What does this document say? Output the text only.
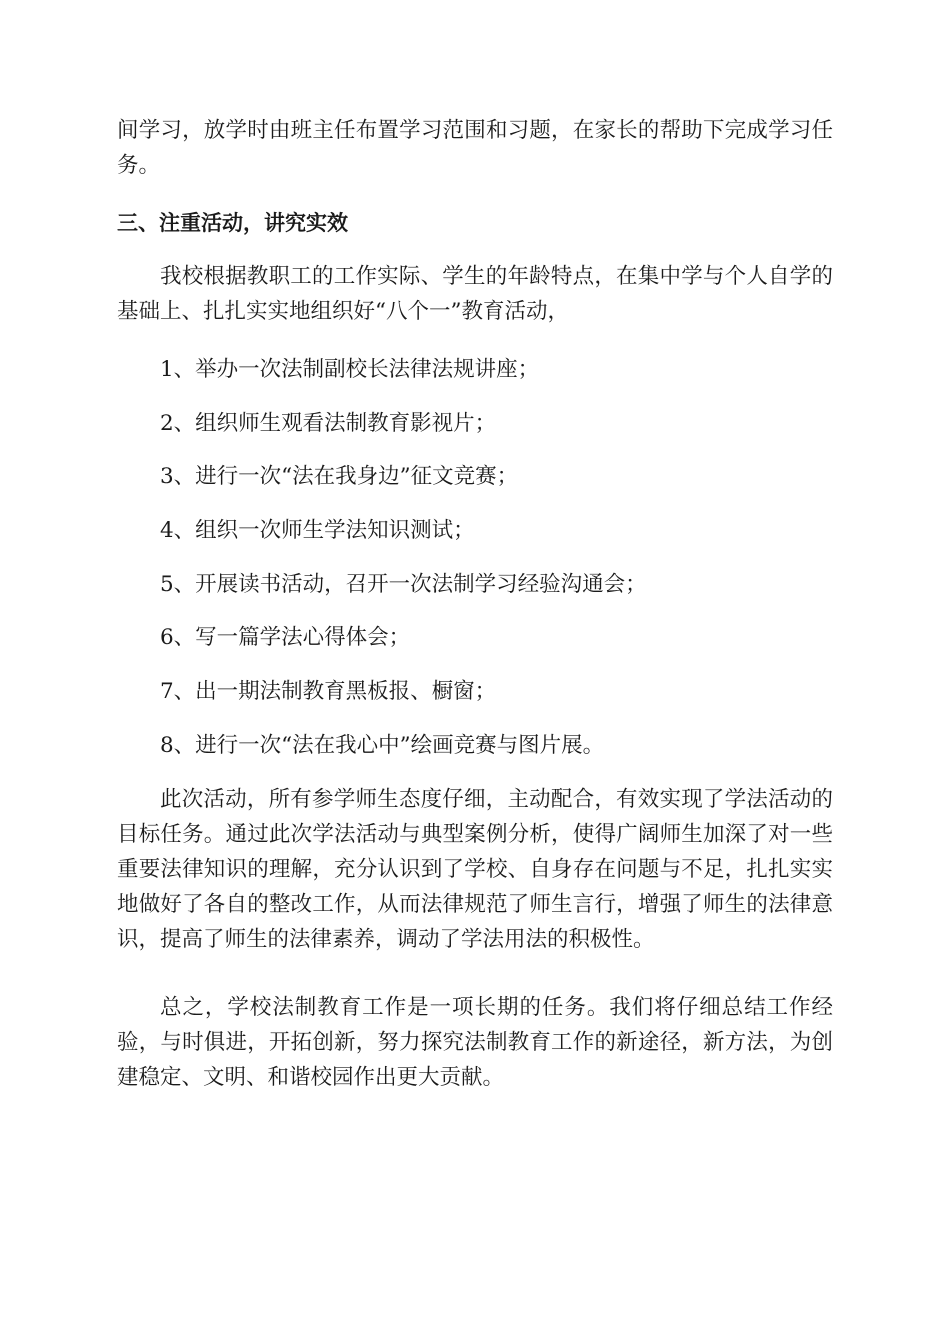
间学习，放学时由班主任布置学习范围和习题，在家长的帮助下完成学习任务。

三、注重活动，讲究实效

我校根据教职工的工作实际、学生的年龄特点，在集中学与个人自学的基础上、扎扎实实地组织好“八个一”教育活动，

1、举办一次法制副校长法律法规讲座；

2、组织师生观看法制教育影视片；

3、进行一次“法在我身边”征文竞赛；

4、组织一次师生学法知识测试；

5、开展读书活动，召开一次法制学习经验沟通会；

6、写一篇学法心得体会；

7、出一期法制教育黑板报、橱窗；

8、进行一次“法在我心中”绘画竞赛与图片展。

此次活动，所有参学师生态度仔细，主动配合，有效实现了学法活动的目标任务。通过此次学法活动与典型案例分析，使得广阔师生加深了对一些重要法律知识的理解，充分认识到了学校、自身存在问题与不足，扎扎实实地做好了各自的整改工作，从而法律规范了师生言行，增强了师生的法律意识，提高了师生的法律素养，调动了学法用法的积极性。

总之，学校法制教育工作是一项长期的任务。我们将仔细总结工作经验，与时俱进，开拓创新，努力探究法制教育工作的新途径，新方法，为创建稳定、文明、和谐校园作出更大贡献。
